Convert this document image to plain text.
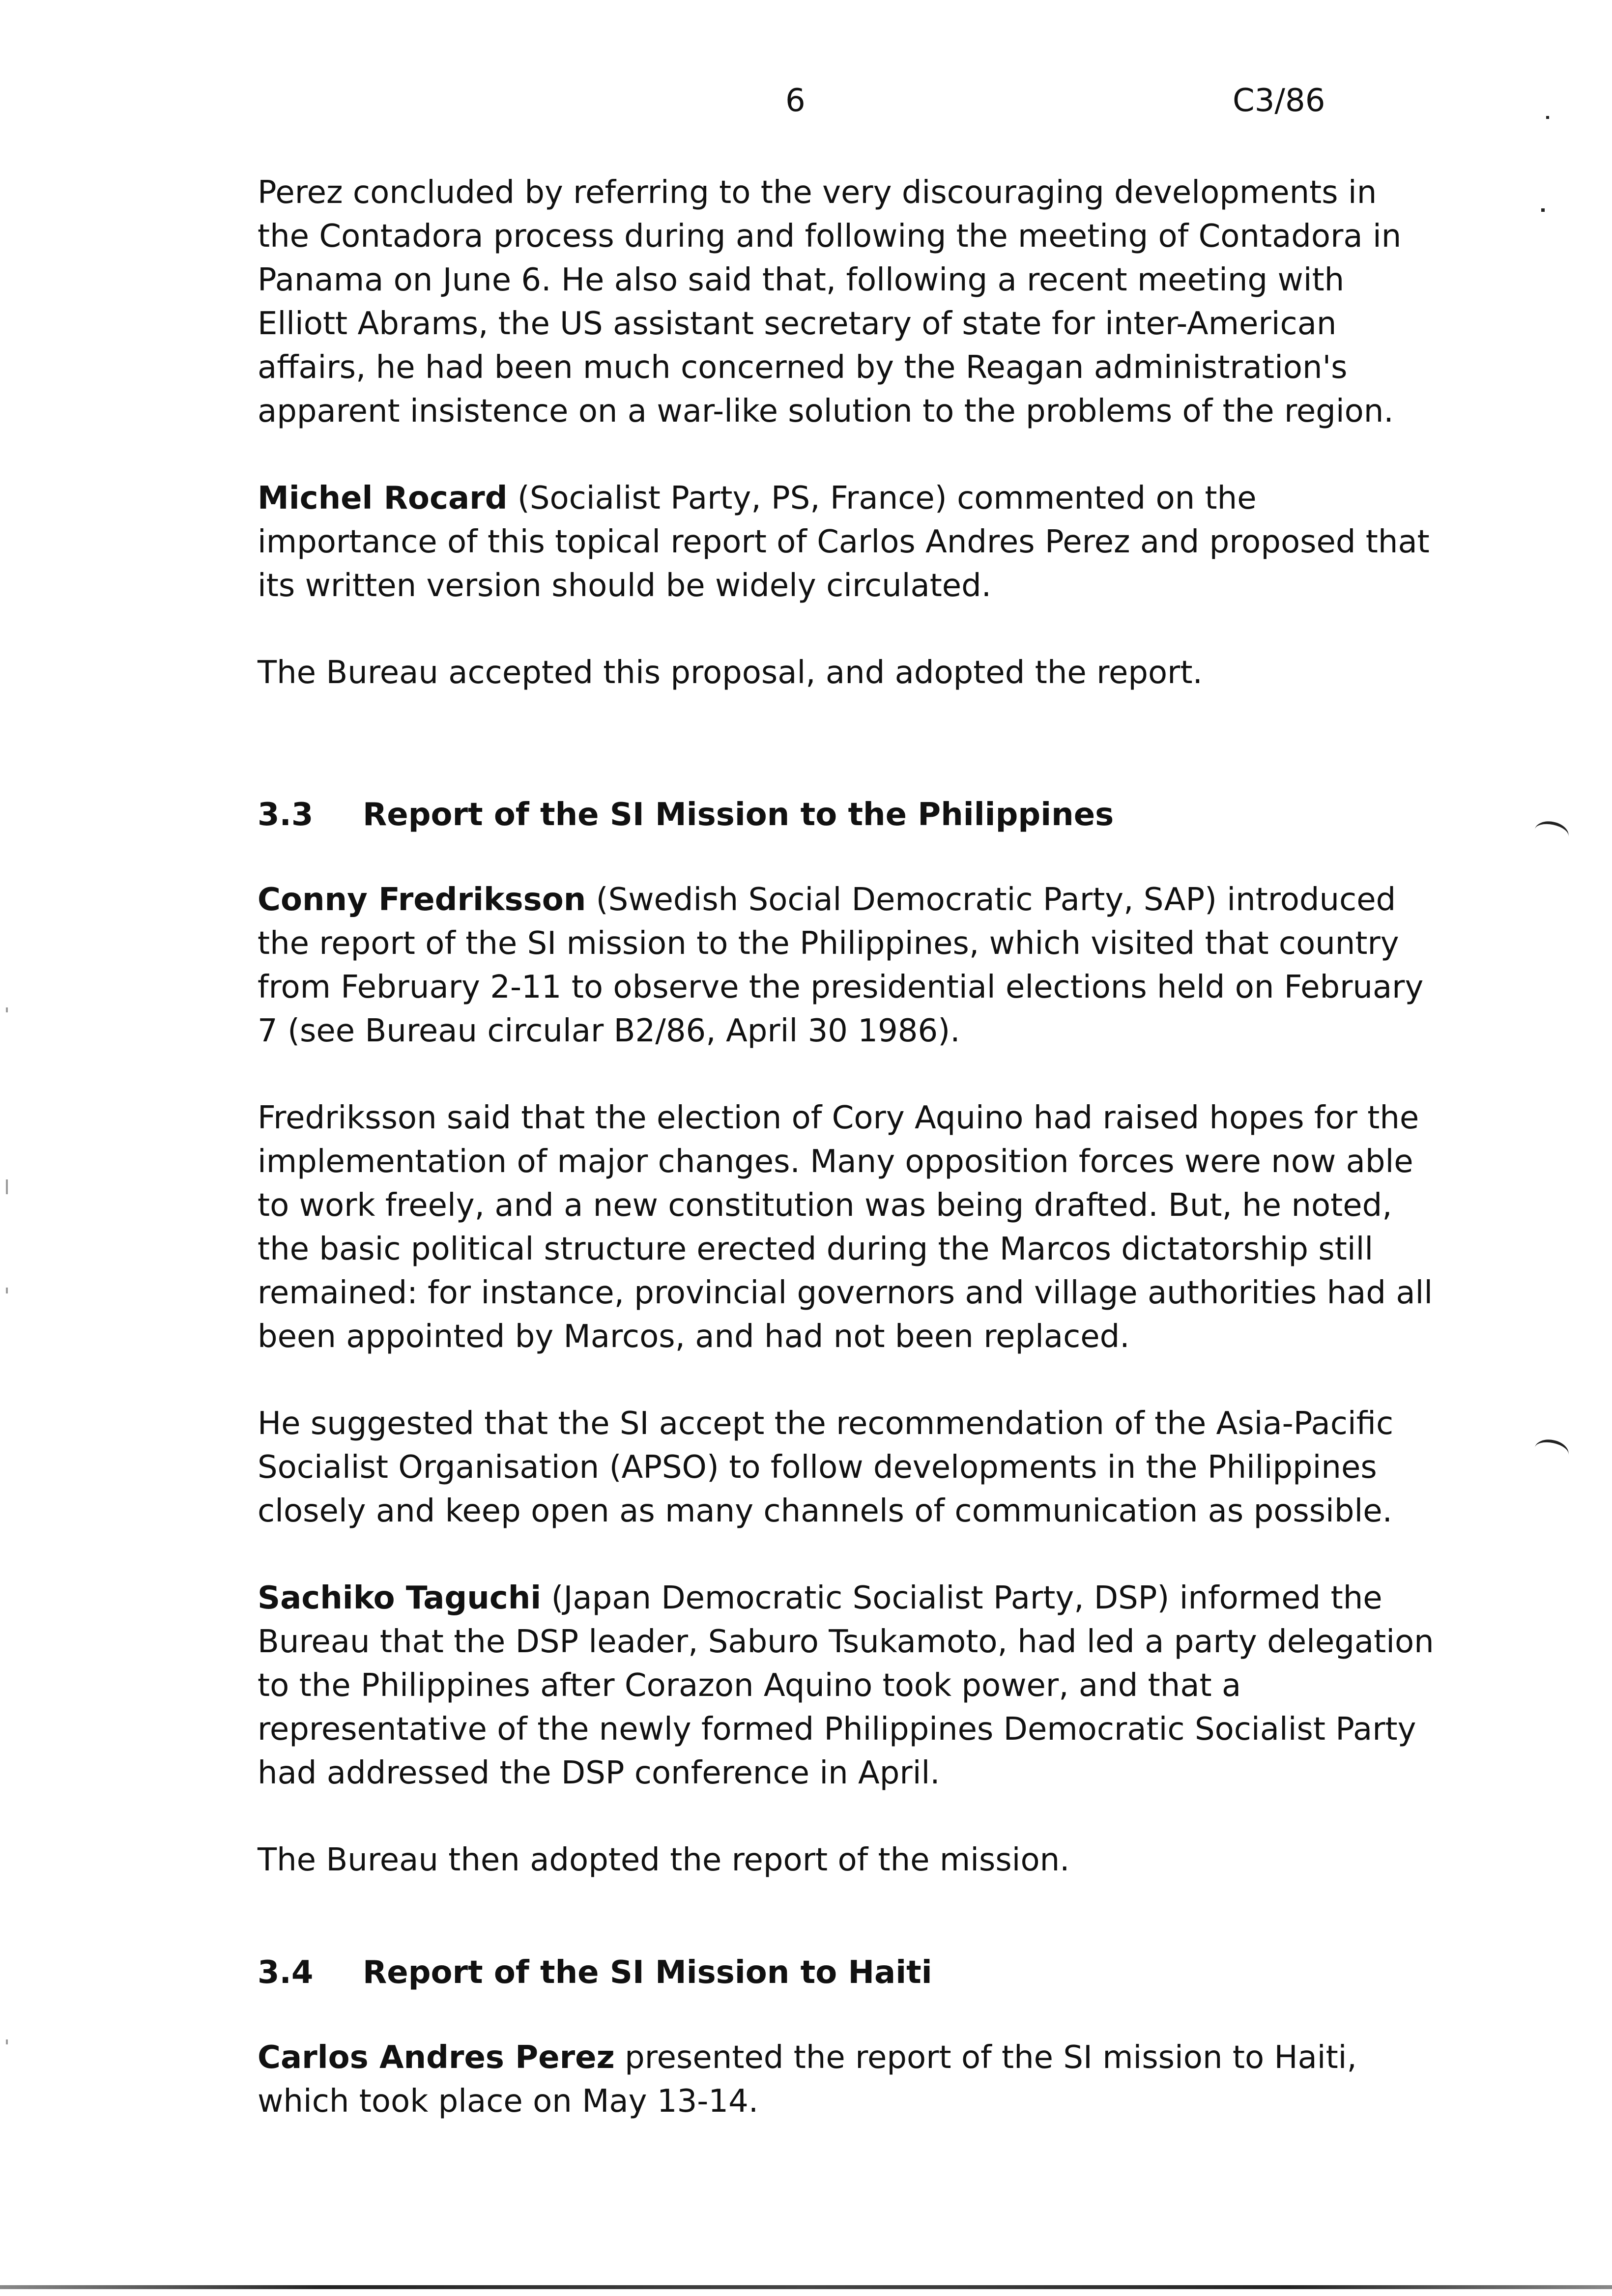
6	C3/86

Perez concluded by referring to the very discouraging developments in the Contadora process during and following the meeting of Contadora in Panama on June 6. He also said that, following a recent meeting with Elliott Abrams, the US assistant secretary of state for inter-American affairs, he had been much concerned by the Reagan administration's apparent insistence on a war-like solution to the problems of the region.

Michel Rocard (Socialist Party, PS, France) commented on the importance of this topical report of Carlos Andres Perez and proposed that its written version should be widely circulated.

The Bureau accepted this proposal, and adopted the report.

3.3 Report of the SI Mission to the Philippines

Conny Fredriksson (Swedish Social Democratic Party, SAP) introduced the report of the SI mission to the Philippines, which visited that country from February 2-11 to observe the presidential elections held on February 7 (see Bureau circular B2/86, April 30 1986).

Fredriksson said that the election of Cory Aquino had raised hopes for the implementation of major changes. Many opposition forces were now able to work freely, and a new constitution was being drafted. But, he noted, the basic political structure erected during the Marcos dictatorship still remained: for instance, provincial governors and village authorities had all been appointed by Marcos, and had not been replaced.

He suggested that the SI accept the recommendation of the Asia-Pacific Socialist Organisation (APSO) to follow developments in the Philippines closely and keep open as many channels of communication as possible.

Sachiko Taguchi (Japan Democratic Socialist Party, DSP) informed the Bureau that the DSP leader, Saburo Tsukamoto, had led a party delegation to the Philippines after Corazon Aquino took power, and that a representative of the newly formed Philippines Democratic Socialist Party had addressed the DSP conference in April.

The Bureau then adopted the report of the mission.

3.4 Report of the SI Mission to Haiti

Carlos Andres Perez presented the report of the SI mission to Haiti, which took place on May 13-14.
